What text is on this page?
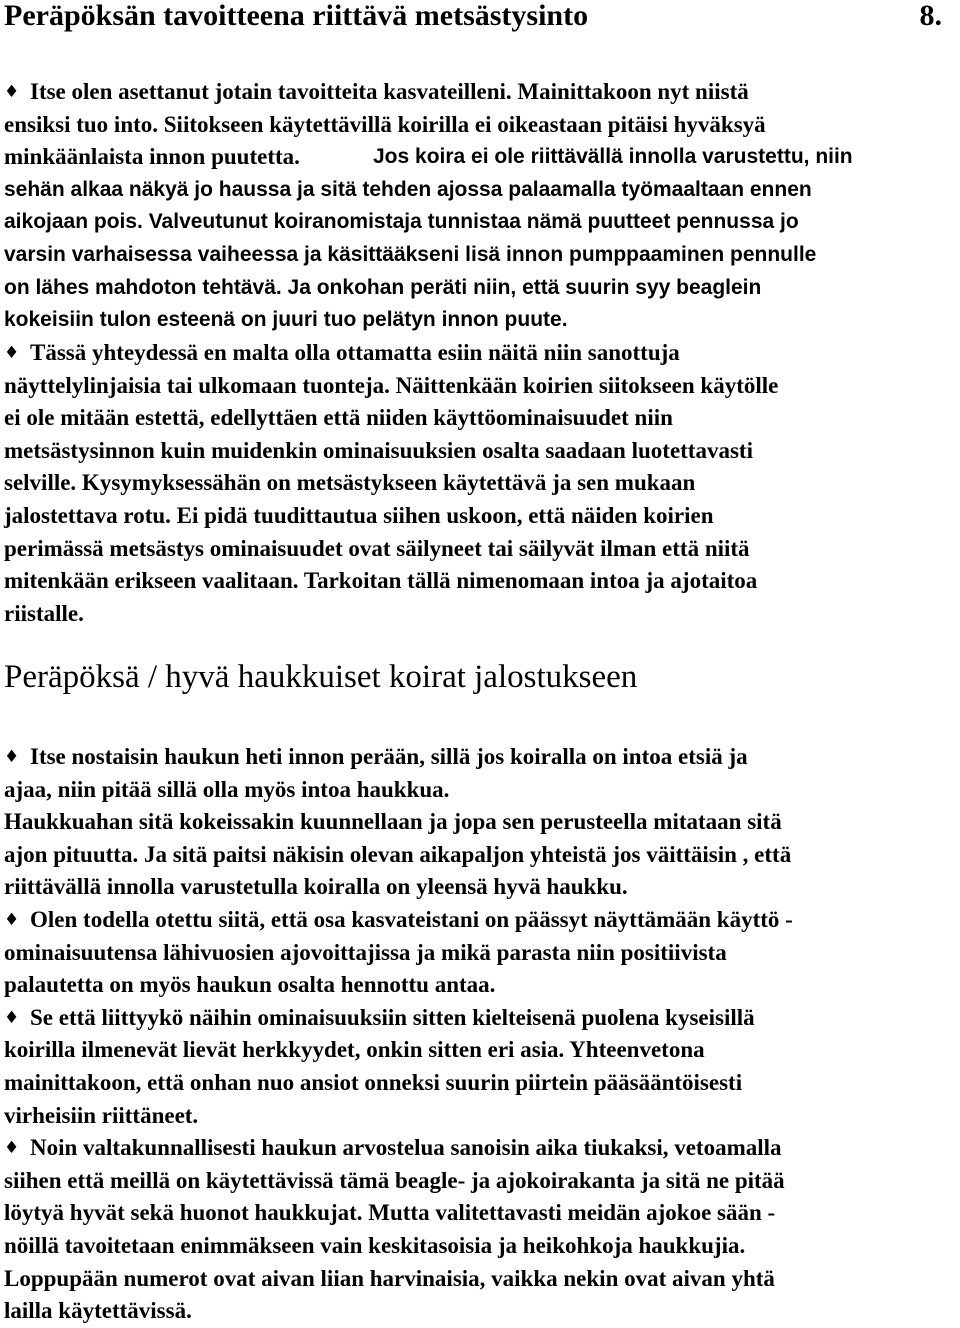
Peräpöksän tavoitteena riittävä metsästysinto	8.
♦ Itse olen asettanut jotain tavoitteita kasvateilleni. Mainittakoon nyt niistä
ensiksi tuo into. Siitokseen käytettävillä koirilla ei oikeastaan pitäisi hyväksyä
minkäänlaista innon puutetta.	Jos koira ei ole riittävällä innolla varustettu, niin
sehän alkaa näkyä jo haussa ja sitä tehden ajossa palaamalla työmaaltaan ennen
aikojaan pois. Valveutunut koiranomistaja tunnistaa nämä puutteet pennussa jo
varsin varhaisessa vaiheessa ja käsittääkseni lisä innon pumppaaminen pennulle
on lähes mahdoton tehtävä. Ja onkohan peräti niin, että suurin syy beaglein
kokeisiin tulon esteenä on juuri tuo pelätyn innon puute.
♦ Tässä yhteydessä en malta olla ottamatta esiin näitä niin sanottuja
näyttelylinjaisia tai ulkomaan tuonteja. Näittenkään koirien siitokseen käytölle
ei ole mitään estettä, edellyttäen että niiden käyttöominaisuudet niin
metsästysinnon kuin muidenkin ominaisuuksien osalta saadaan luotettavasti
selville. Kysymyksessähän on metsästykseen käytettävä ja sen mukaan
jalostettava rotu. Ei pidä tuudittautua siihen uskoon, että näiden koirien
perimässä metsästys ominaisuudet ovat säilyneet tai säilyvät ilman että niitä
mitenkään erikseen vaalitaan. Tarkoitan tällä nimenomaan intoa ja ajotaitoa
riistalle.
Peräpöksä / hyvä haukkuiset koirat jalostukseen
♦ Itse nostaisin haukun heti innon perään, sillä jos koiralla on intoa etsiä ja
ajaa, niin pitää sillä olla myös intoa haukkua.
Haukkuahan sitä kokeissakin kuunnellaan ja jopa sen perusteella mitataan sitä
ajon pituutta. Ja sitä paitsi näkisin olevan aikapaljon yhteistä jos väittäisin , että
riittävällä innolla varustetulla koiralla on yleensä hyvä haukku.
♦ Olen todella otettu siitä, että osa kasvateistani on päässyt näyttämään käyttö -
ominaisuutensa lähivuosien ajovoittajissa ja mikä parasta niin positiivista
palautetta on myös haukun osalta hennottu antaa.
♦ Se että liittyykö näihin ominaisuuksiin sitten kielteisenä puolena kyseisillä
koirilla ilmenevät lievät herkkyydet, onkin sitten eri asia. Yhteenvetona
mainittakoon, että onhan nuo ansiot onneksi suurin piirtein pääsääntöisesti
virheisiin riittäneet.
♦ Noin valtakunnallisesti haukun arvostelua sanoisin aika tiukaksi, vetoamalla
siihen että meillä on käytettävissä tämä beagle- ja ajokoirakanta ja sitä ne pitää
löytyä hyvät sekä huonot haukkujat. Mutta valitettavasti meidän ajokoe sään -
nöillä tavoitetaan enimmäkseen vain keskitasoisia ja heikohkoja haukkujia.
Loppupään numerot ovat aivan liian harvinaisia, vaikka nekin ovat aivan yhtä
lailla käytettävissä.
